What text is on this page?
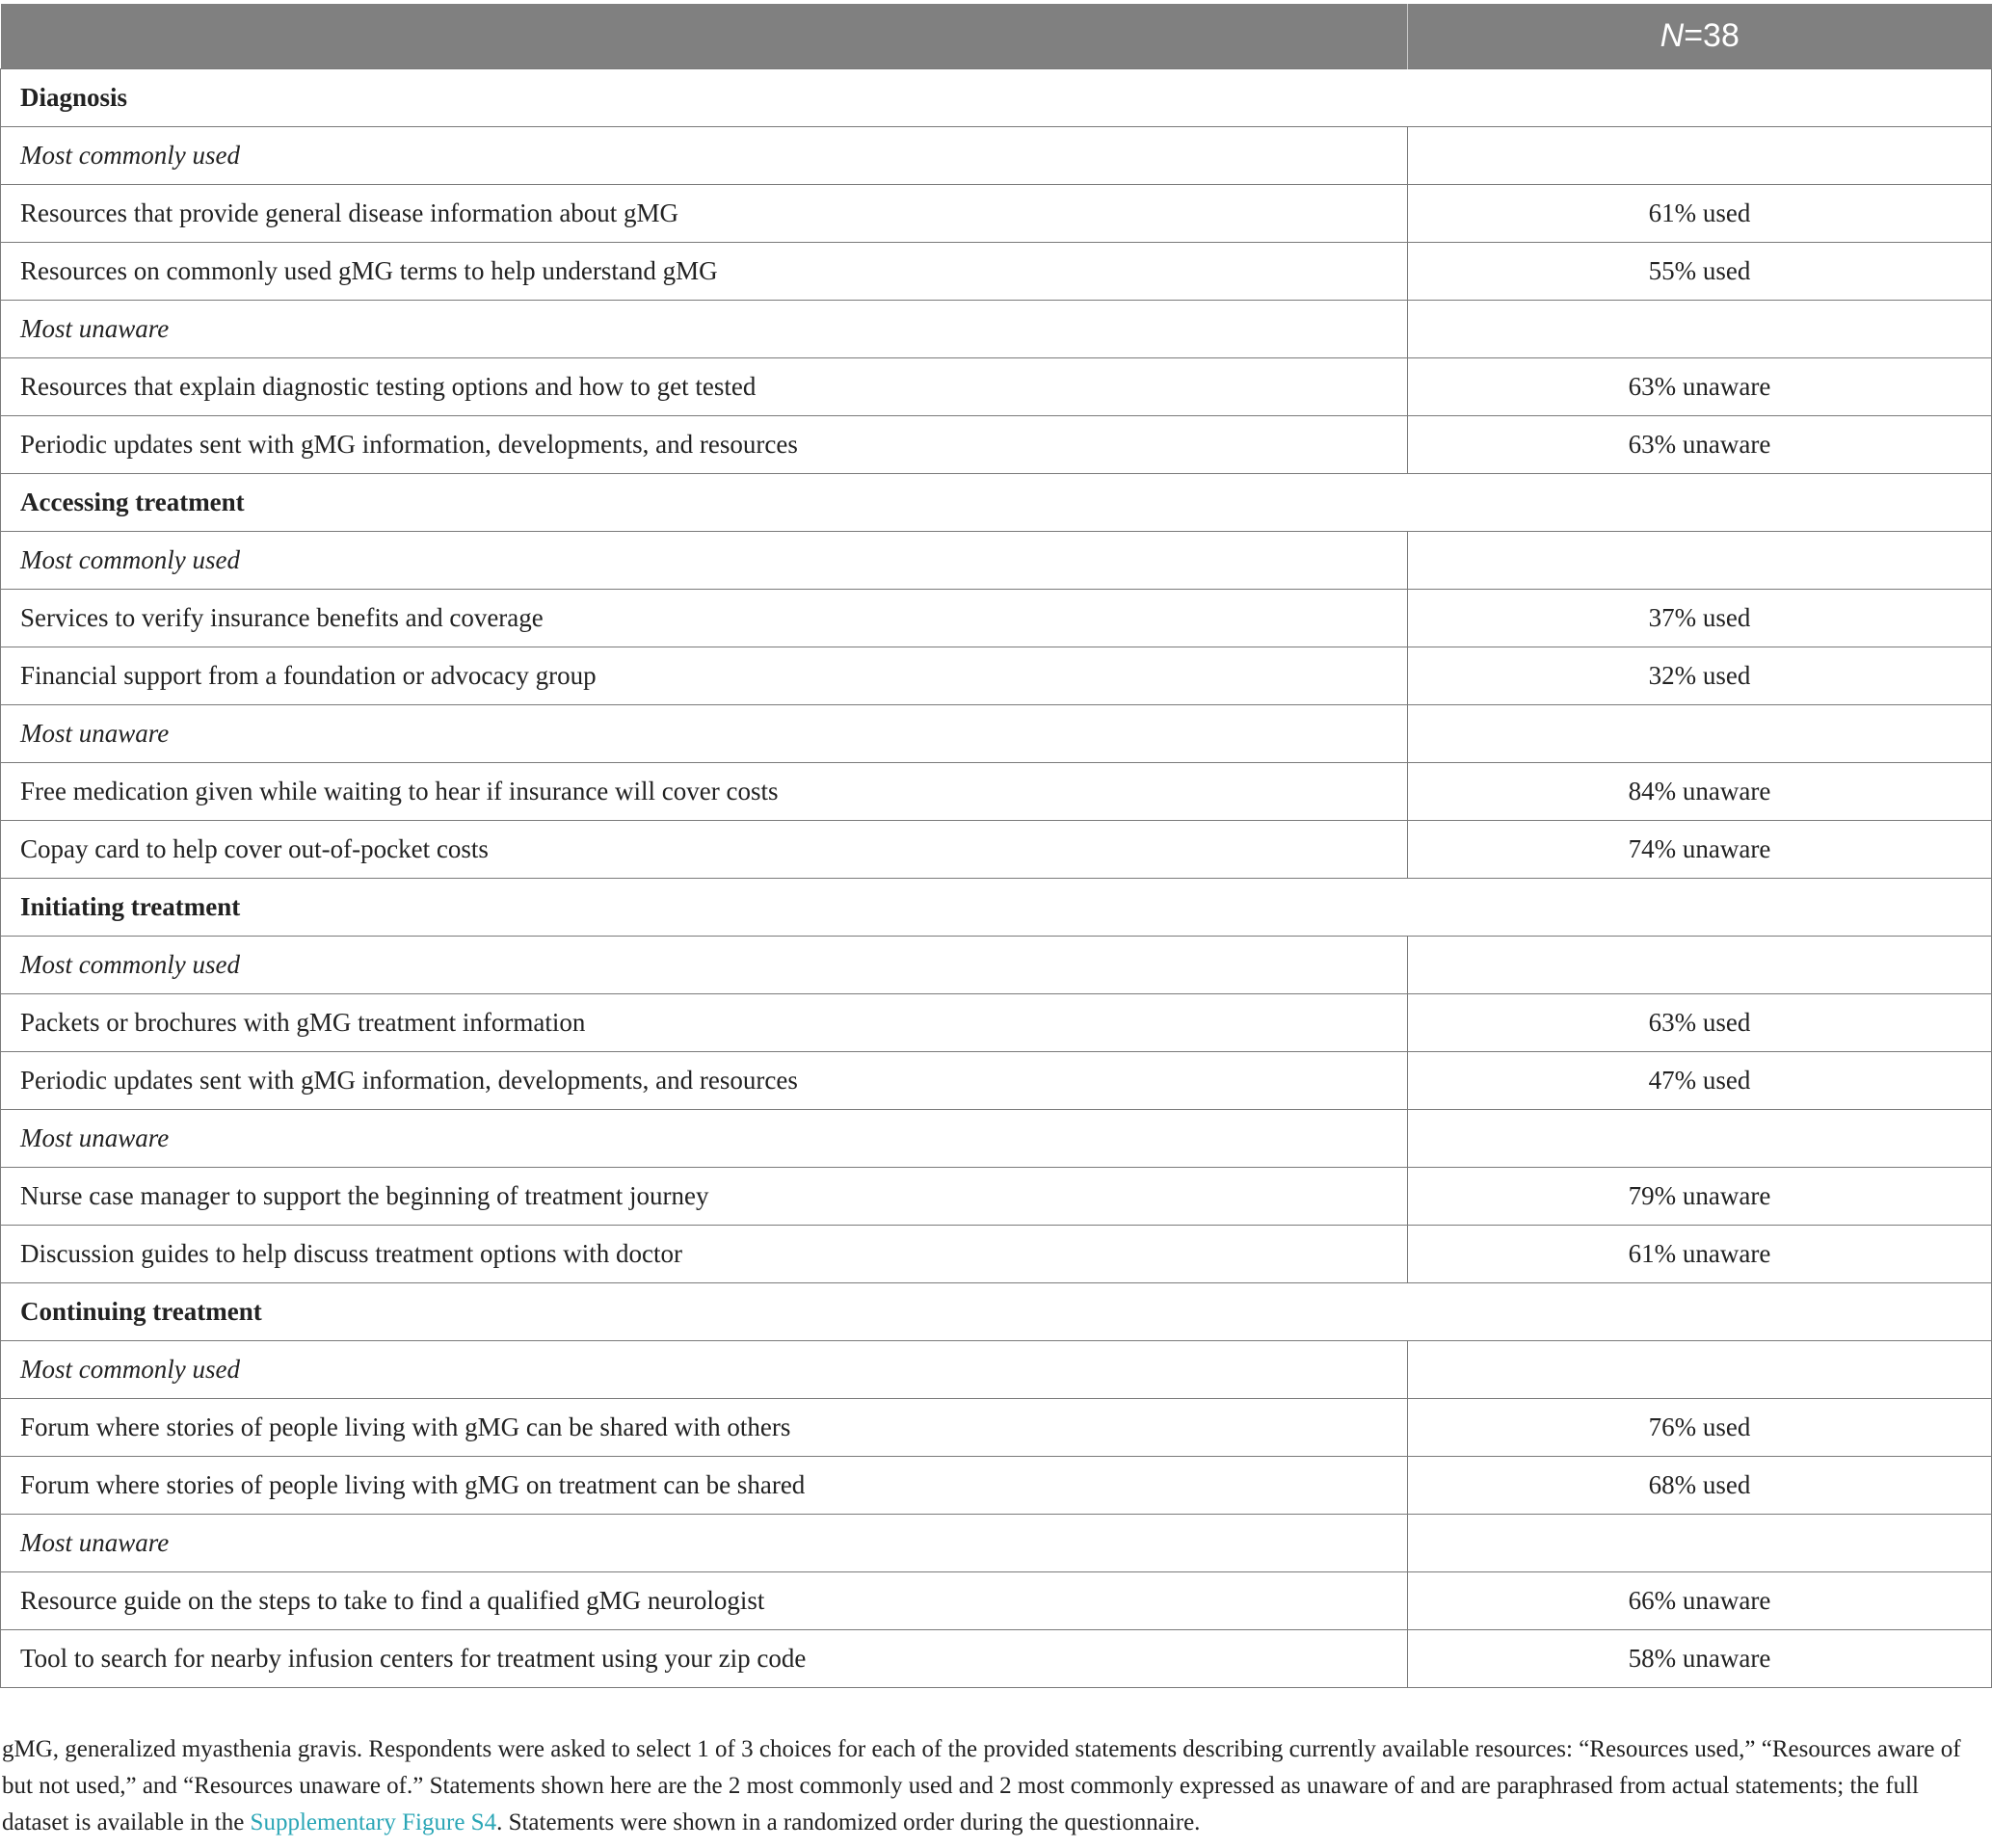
	N=38
Diagnosis	
Most commonly used	
Resources that provide general disease information about gMG	61% used
Resources on commonly used gMG terms to help understand gMG	55% used
Most unaware	
Resources that explain diagnostic testing options and how to get tested	63% unaware
Periodic updates sent with gMG information, developments, and resources	63% unaware
Accessing treatment	
Most commonly used	
Services to verify insurance benefits and coverage	37% used
Financial support from a foundation or advocacy group	32% used
Most unaware	
Free medication given while waiting to hear if insurance will cover costs	84% unaware
Copay card to help cover out-of-pocket costs	74% unaware
Initiating treatment	
Most commonly used	
Packets or brochures with gMG treatment information	63% used
Periodic updates sent with gMG information, developments, and resources	47% used
Most unaware	
Nurse case manager to support the beginning of treatment journey	79% unaware
Discussion guides to help discuss treatment options with doctor	61% unaware
Continuing treatment	
Most commonly used	
Forum where stories of people living with gMG can be shared with others	76% used
Forum where stories of people living with gMG on treatment can be shared	68% used
Most unaware	
Resource guide on the steps to take to find a qualified gMG neurologist	66% unaware
Tool to search for nearby infusion centers for treatment using your zip code	58% unaware
gMG, generalized myasthenia gravis. Respondents were asked to select 1 of 3 choices for each of the provided statements describing currently available resources: “Resources used,” “Resources aware of but not used,” and “Resources unaware of.” Statements shown here are the 2 most commonly used and 2 most commonly expressed as unaware of and are paraphrased from actual statements; the full dataset is available in the Supplementary Figure S4. Statements were shown in a randomized order during the questionnaire.
